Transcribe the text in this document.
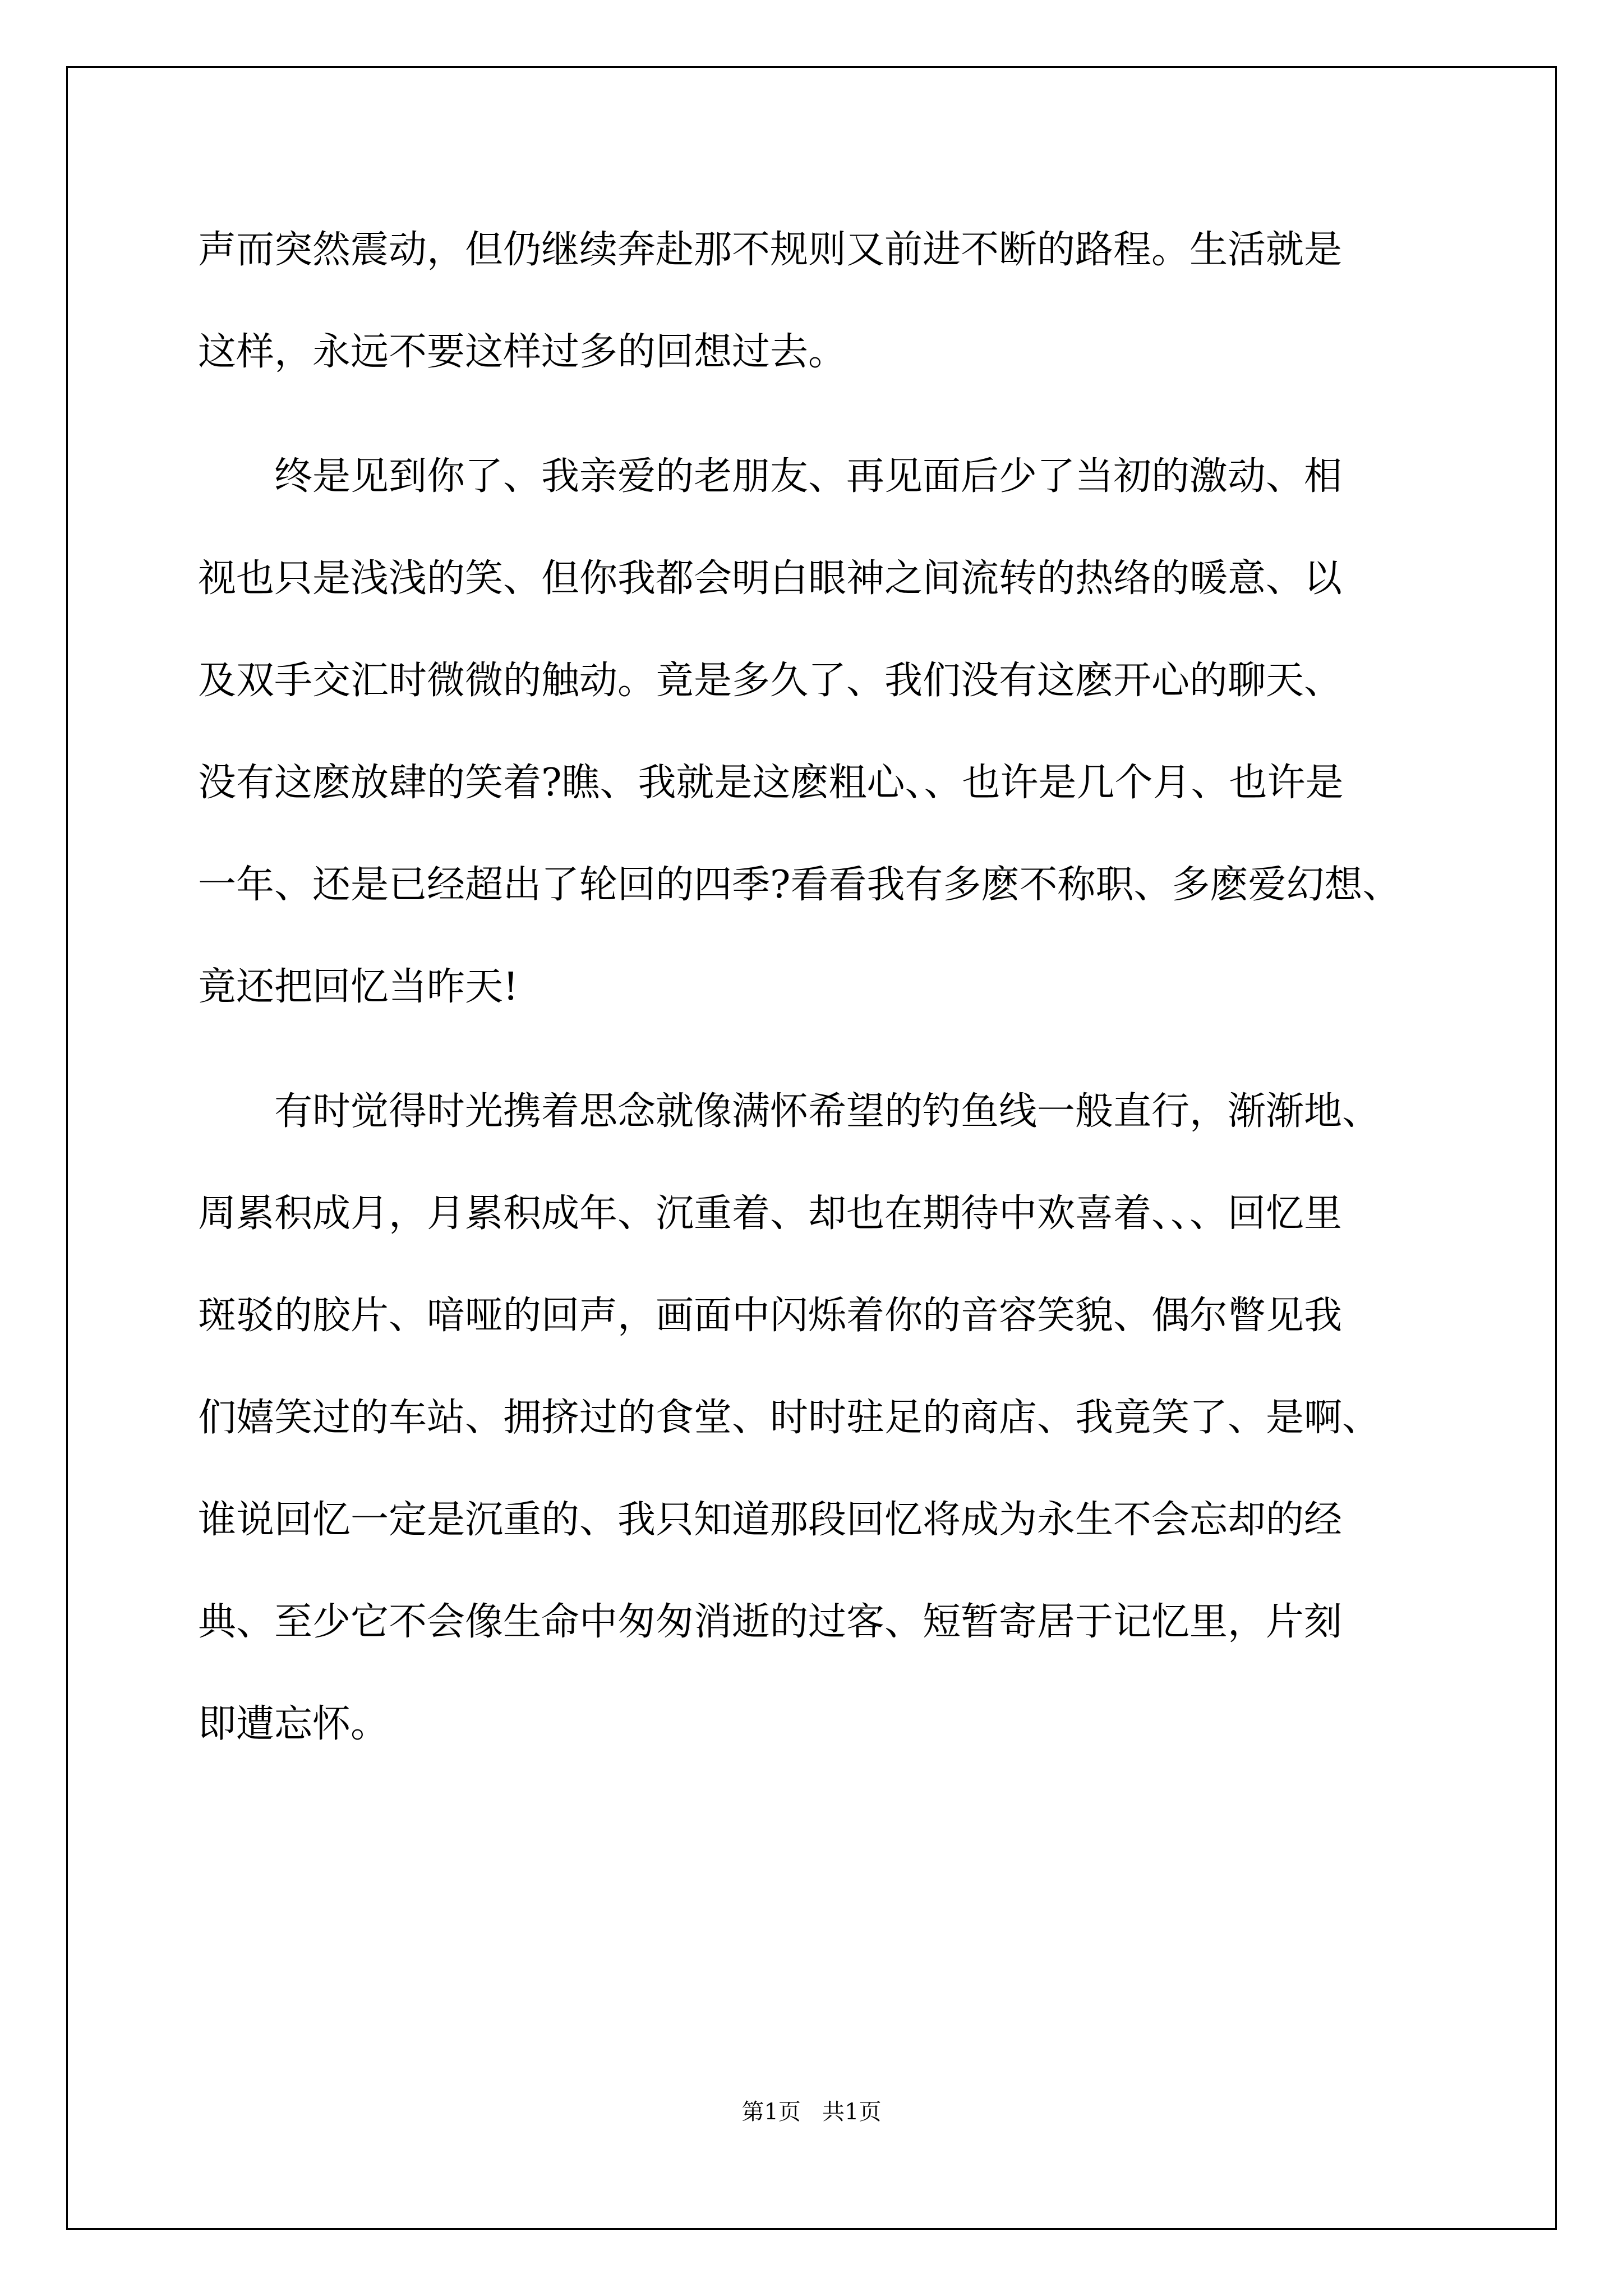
声而突然震动，但仍继续奔赴那不规则又前进不断的路程。生活就是
这样，永远不要这样过多的回想过去。
　　终是见到你了、我亲爱的老朋友、再见面后少了当初的激动、相
视也只是浅浅的笑、但你我都会明白眼神之间流转的热络的暖意、以
及双手交汇时微微的触动。竟是多久了、我们没有这麽开心的聊天、
没有这麽放肆的笑着?瞧、我就是这麽粗心、、也许是几个月、也许是
一年、还是已经超出了轮回的四季?看看我有多麽不称职、多麽爱幻想、
竟还把回忆当昨天!
　　有时觉得时光携着思念就像满怀希望的钓鱼线一般直行，渐渐地、
周累积成月，月累积成年、沉重着、却也在期待中欢喜着、、、回忆里
斑驳的胶片、喑哑的回声，画面中闪烁着你的音容笑貌、偶尔瞥见我
们嬉笑过的车站、拥挤过的食堂、时时驻足的商店、我竟笑了、是啊、
谁说回忆一定是沉重的、我只知道那段回忆将成为永生不会忘却的经
典、至少它不会像生命中匆匆消逝的过客、短暂寄居于记忆里，片刻
即遭忘怀。
第1页   共1页
